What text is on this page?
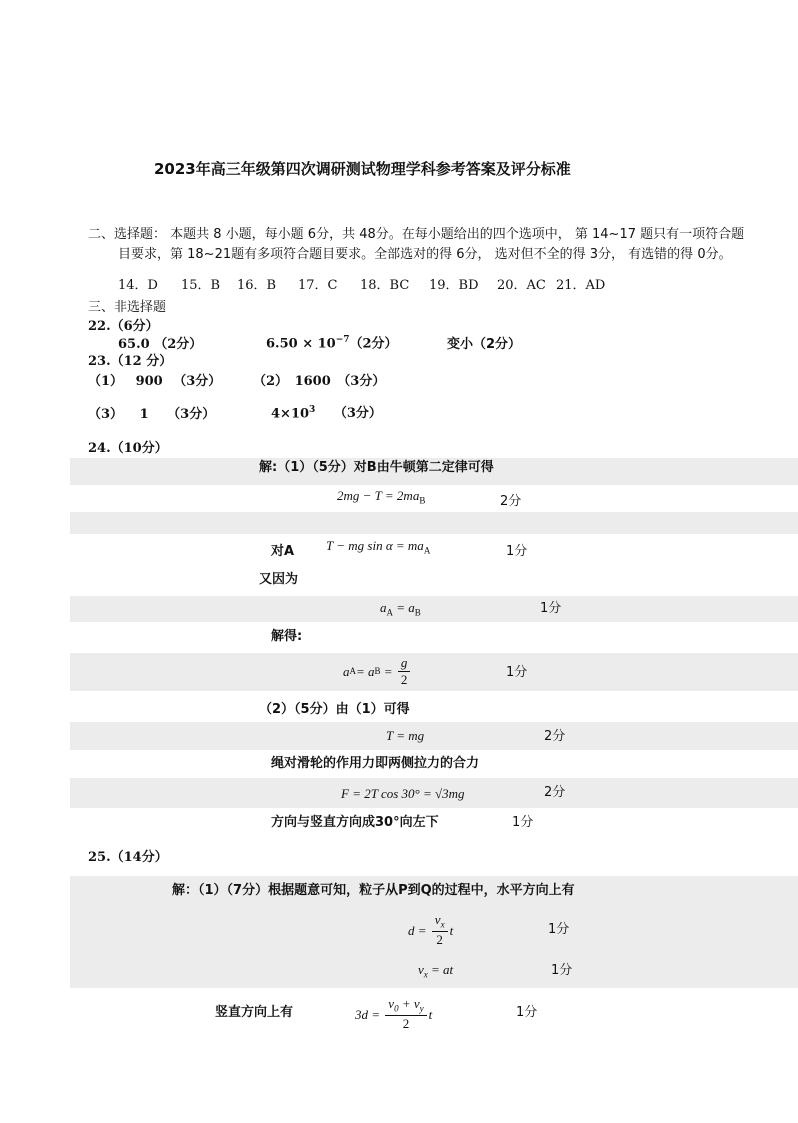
2023年高三年级第四次调研测试物理学科参考答案及评分标准
二、选择题： 本题共 8 小题，每小题 6分，共 48分。在每小题给出的四个选项中， 第 14~17 题只有一项符合题
目要求，第 18~21题有多项符合题目要求。全部选对的得 6分， 选对但不全的得 3分， 有选错的得 0分。
14．D 15．B 16．B 17．C 18．BC 19．BD 20．AC 21．AD
三、非选择题
22.（6分）
65.0 （2分）	$6.50 \times 10^{-7}(2$分）	变小（2分）
23.（12 分）
（1） 900 （3分） （2） 1600 （3分）
（3） 1 （3分）	$4\times 10^3$ （3分）
24.（10分）
解:（1）（5分）对B由牛顿第二定律可得
$2mg - T = 2ma_B$	2分
对A T − mg $\sin \alpha = ma_A$	1分
又因为
$a_A = a_B$	1分
解得:
a A = a $B = \frac{g}{2}$	1分
（2）（5分）由（1）可得
T = mg	2分
绳对滑轮的作用力即两侧拉力的合力
F = 2T cos 30° = √3mg	2分
方向与竖直方向成30°向左下	1分
25.（14分）
解：（1）（7分）根据题意可知，粒子从P到Q的过程中，水平方向上有
$d = \frac{v_x}{2}$ t	1分
$v_x$ = at	1分
竖直方向上有	$3d = \frac{v_0 + v_y}{2}$ t	1分
